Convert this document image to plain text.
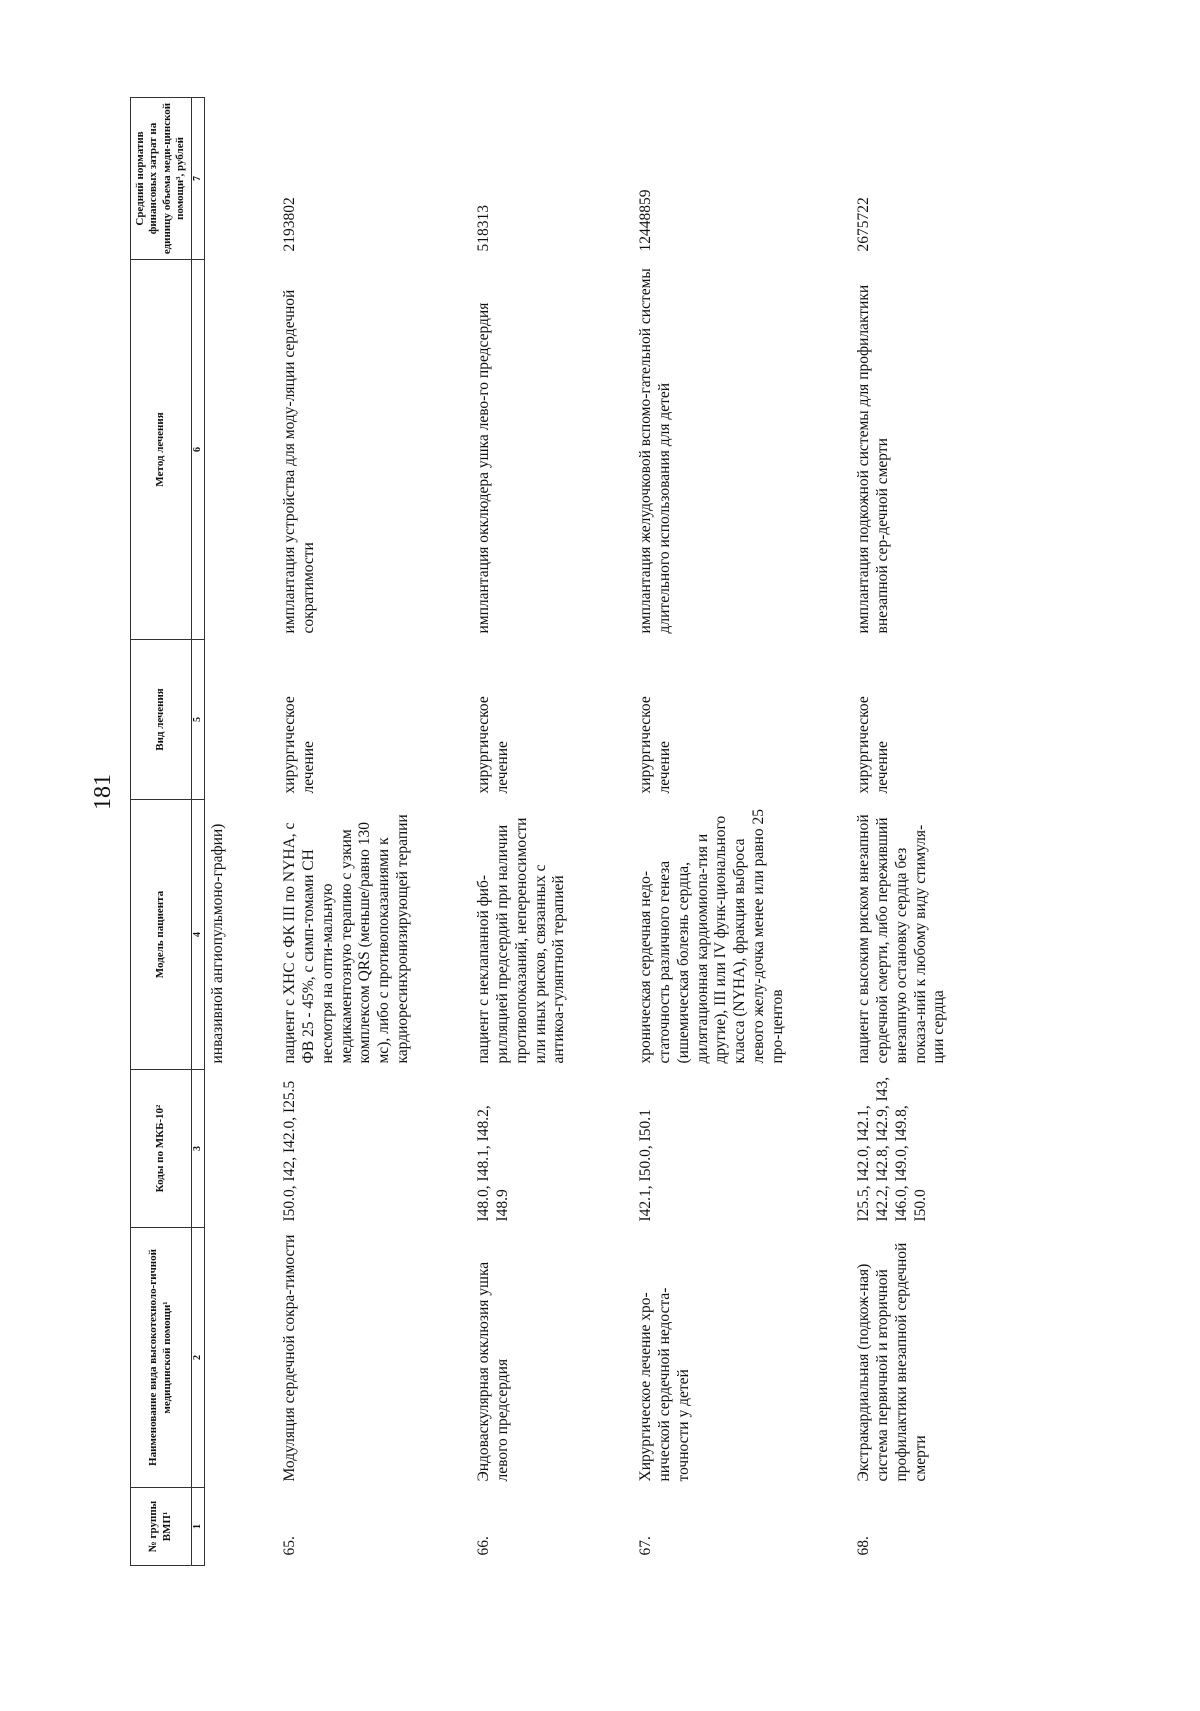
181
№ группы ВМП¹	Наименование вида высокотехноло-гичной медицинской помощи¹	Коды по МКБ-10²	Модель пациента	Вид лечения	Метод лечения	Средний норматив финансовых затрат на единицу объема меди-цинской помощи³, рублей
1	2	3	4	5	6	7
			инвазивной ангиопульмоно-графии)			
65.	Модуляция сердечной сокра-тимости	I50.0, I42, I42.0, I25.5	пациент с ХНС с ФК III по NYHA, с ФВ 25 - 45%, с симп-томами СН несмотря на опти-мальную медикаментозную терапию с узким комплексом QRS (меньше/равно 130 мс), либо с противопоказаниями к кардиоресинхронизирующей терапии	хирургическое лечение	имплантация устройства для моду-ляции сердечной сократимости	2193802
66.	Эндоваскулярная окклюзия ушка левого предсердия	I48.0, I48.1, I48.2, I48.9	пациент с неклапанной фиб-рилляцией предсердий при наличии противопоказаний, непереносимости или иных рисков, связанных с антикоа-гулянтной терапией	хирургическое лечение	имплантация окклюдера ушка лево-го предсердия	518313
67.	Хирургическое лечение хро-нической сердечной недоста-точности у детей	I42.1, I50.0, I50.1	хроническая сердечная недо-статочность различного генеза (ишемическая болезнь сердца, дилятационная кардиомиопа-тия и другие), III или IV функ-ционального класса (NYHA), фракция выброса левого желу-дочка менее или равно 25 про-центов	хирургическое лечение	имплантация желудочковой вспомо-гательной системы длительного использования для детей	12448859
68.	Экстракардиальная (подкож-ная) система первичной и вторичной профилактики внезапной сердечной смерти	I25.5, I42.0, I42.1, I42.2, I42.8, I42.9, I43, I46.0, I49.0, I49.8, I50.0	пациент с высоким риском внезапной сердечной смерти, либо переживший внезапную остановку сердца без показа-ний к любому виду стимуля-ции сердца	хирургическое лечение	имплантация подкожной системы для профилактики внезапной сер-дечной смерти	2675722
